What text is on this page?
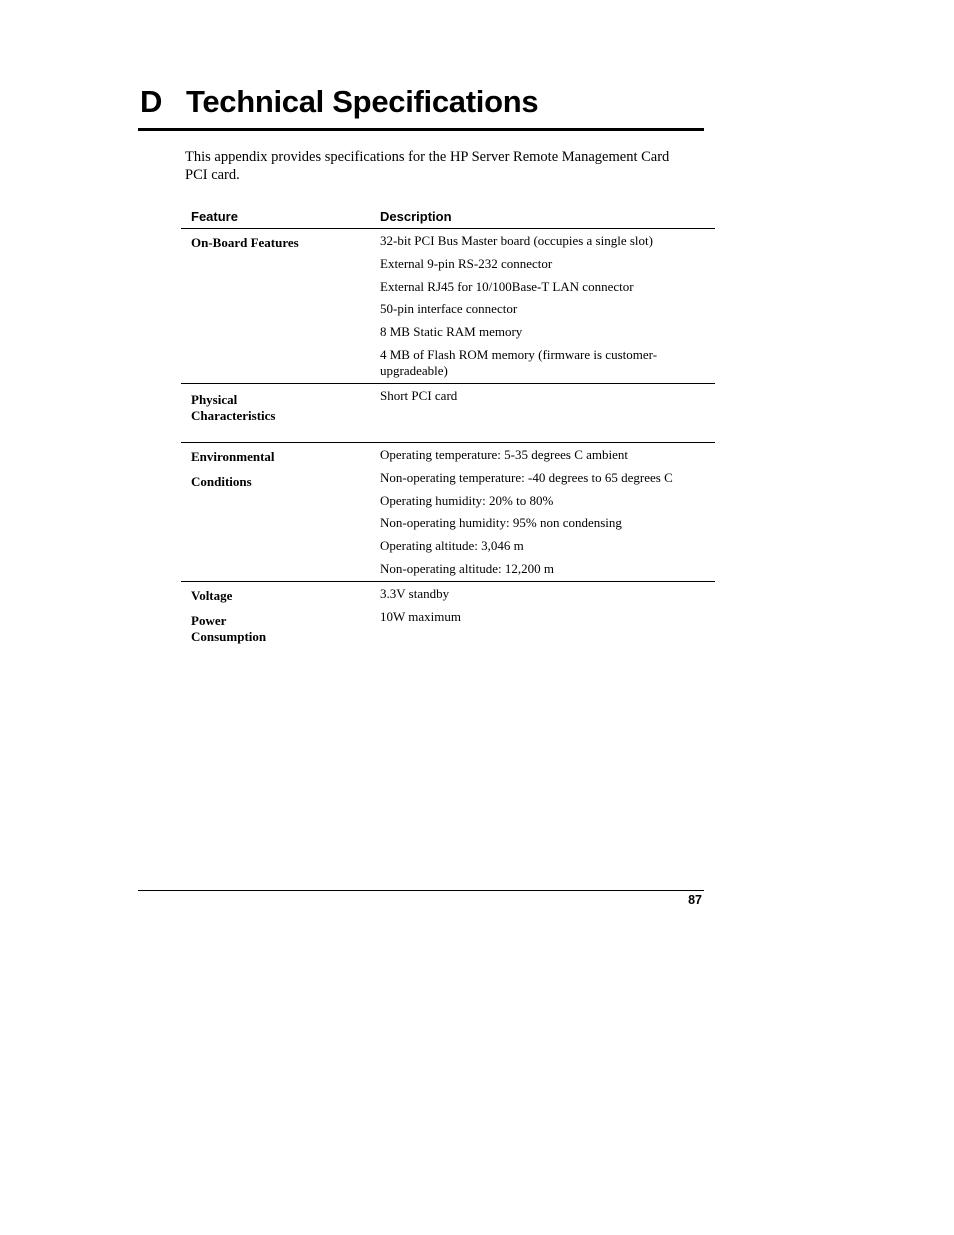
D Technical Specifications

This appendix provides specifications for the HP Server Remote Management Card PCI card.

Feature	Description
On-Board Features	32-bit PCI Bus Master board (occupies a single slot)
External 9-pin RS-232 connector
External RJ45 for 10/100Base-T LAN connector
50-pin interface connector
8 MB Static RAM memory
4 MB of Flash ROM memory (firmware is customer-upgradeable)
Physical Characteristics
Short PCI card
Environmental
Conditions
Operating temperature: 5-35 degrees C ambient
Non-operating temperature: -40 degrees to 65 degrees C
Operating humidity: 20% to 80%
Non-operating humidity: 95% non condensing
Operating altitude: 3,046 m
Non-operating altitude: 12,200 m
Voltage
Power Consumption
3.3V standby
10W maximum
87
